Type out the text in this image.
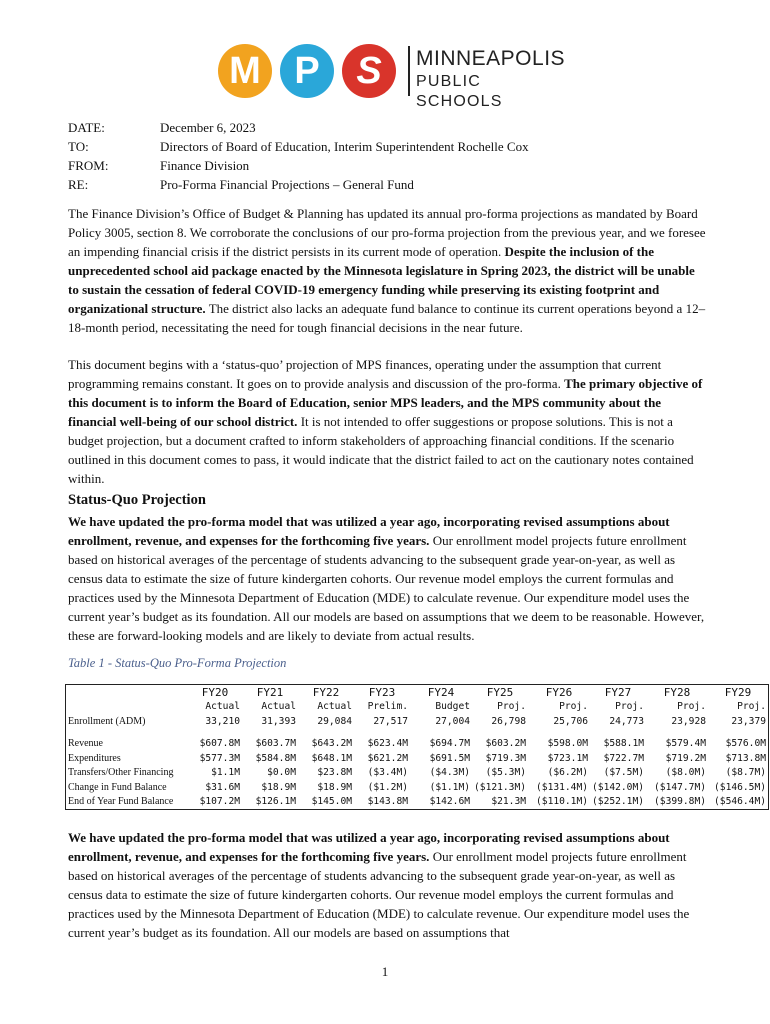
M P S	MINNEAPOLIS
PUBLIC SCHOOLS
DATE:	December 6, 2023
TO:	Directors of Board of Education, Interim Superintendent Rochelle Cox
FROM:	Finance Division
RE:	Pro-Forma Financial Projections – General Fund

The Finance Division’s Office of Budget & Planning has updated its annual pro-forma projections as mandated by Board Policy 3005, section 8. We corroborate the conclusions of our pro-forma projection from the previous year, and we foresee an impending financial crisis if the district persists in its current mode of operation. Despite the inclusion of the unprecedented school aid package enacted by the Minnesota legislature in Spring 2023, the district will be unable to sustain the cessation of federal COVID-19 emergency funding while preserving its existing footprint and organizational structure. The district also lacks an adequate fund balance to continue its current operations beyond a 12–18-month period, necessitating the need for tough financial decisions in the near future.

This document begins with a ‘status-quo’ projection of MPS finances, operating under the assumption that current programming remains constant. It goes on to provide analysis and discussion of the pro-forma. The primary objective of this document is to inform the Board of Education, senior MPS leaders, and the MPS community about the financial well-being of our school district. It is not intended to offer suggestions or propose solutions. This is not a budget projection, but a document crafted to inform stakeholders of approaching financial conditions. If the scenario outlined in this document comes to pass, it would indicate that the district failed to act on the cautionary notes contained within.

Status-Quo Projection

We have updated the pro-forma model that was utilized a year ago, incorporating revised assumptions about enrollment, revenue, and expenses for the forthcoming five years. Our enrollment model projects future enrollment based on historical averages of the percentage of students advancing to the subsequent grade year-on-year, as well as census data to estimate the size of future kindergarten cohorts. Our revenue model employs the current formulas and practices used by the Minnesota Department of Education (MDE) to calculate revenue. Our expenditure model uses the current year’s budget as its foundation. All our models are based on assumptions that we deem to be reasonable. However, these are forward-looking models and are likely to deviate from actual results.

Table 1 - Status-Quo Pro-Forma Projection
	FY20	FY21	FY22	FY23	FY24	FY25	FY26	FY27	FY28	FY29
	Actual	Actual	Actual	Prelim.	Budget	Proj.	Proj.	Proj.	Proj.	Proj.
Enrollment (ADM)	33,210	31,393	29,084	27,517	27,004	26,798	25,706	24,773	23,928	23,379

Revenue	$607.8M	$603.7M	$643.2M	$623.4M	$694.7M	$603.2M	$598.0M	$588.1M	$579.4M	$576.0M
Expenditures	$577.3M	$584.8M	$648.1M	$621.2M	$691.5M	$719.3M	$723.1M	$722.7M	$719.2M	$713.8M
Transfers/Other Financing	$1.1M	$0.0M	$23.8M	($3.4M)	($4.3M)	($5.3M)	($6.2M)	($7.5M)	($8.0M)	($8.7M)
Change in Fund Balance	$31.6M	$18.9M	$18.9M	($1.2M)	($1.1M)	($121.3M)	($131.4M)	($142.0M)	($147.7M)	($146.5M)
End of Year Fund Balance	$107.2M	$126.1M	$145.0M	$143.8M	$142.6M	$21.3M	($110.1M)	($252.1M)	($399.8M)	($546.4M)

We have updated the pro-forma model that was utilized a year ago, incorporating revised assumptions about enrollment, revenue, and expenses for the forthcoming five years. Our enrollment model projects future enrollment based on historical averages of the percentage of students advancing to the subsequent grade year-on-year, as well as census data to estimate the size of future kindergarten cohorts. Our revenue model employs the current formulas and practices used by the Minnesota Department of Education (MDE) to calculate revenue. Our expenditure model uses the current year’s budget as its foundation. All our models are based on assumptions that

1
